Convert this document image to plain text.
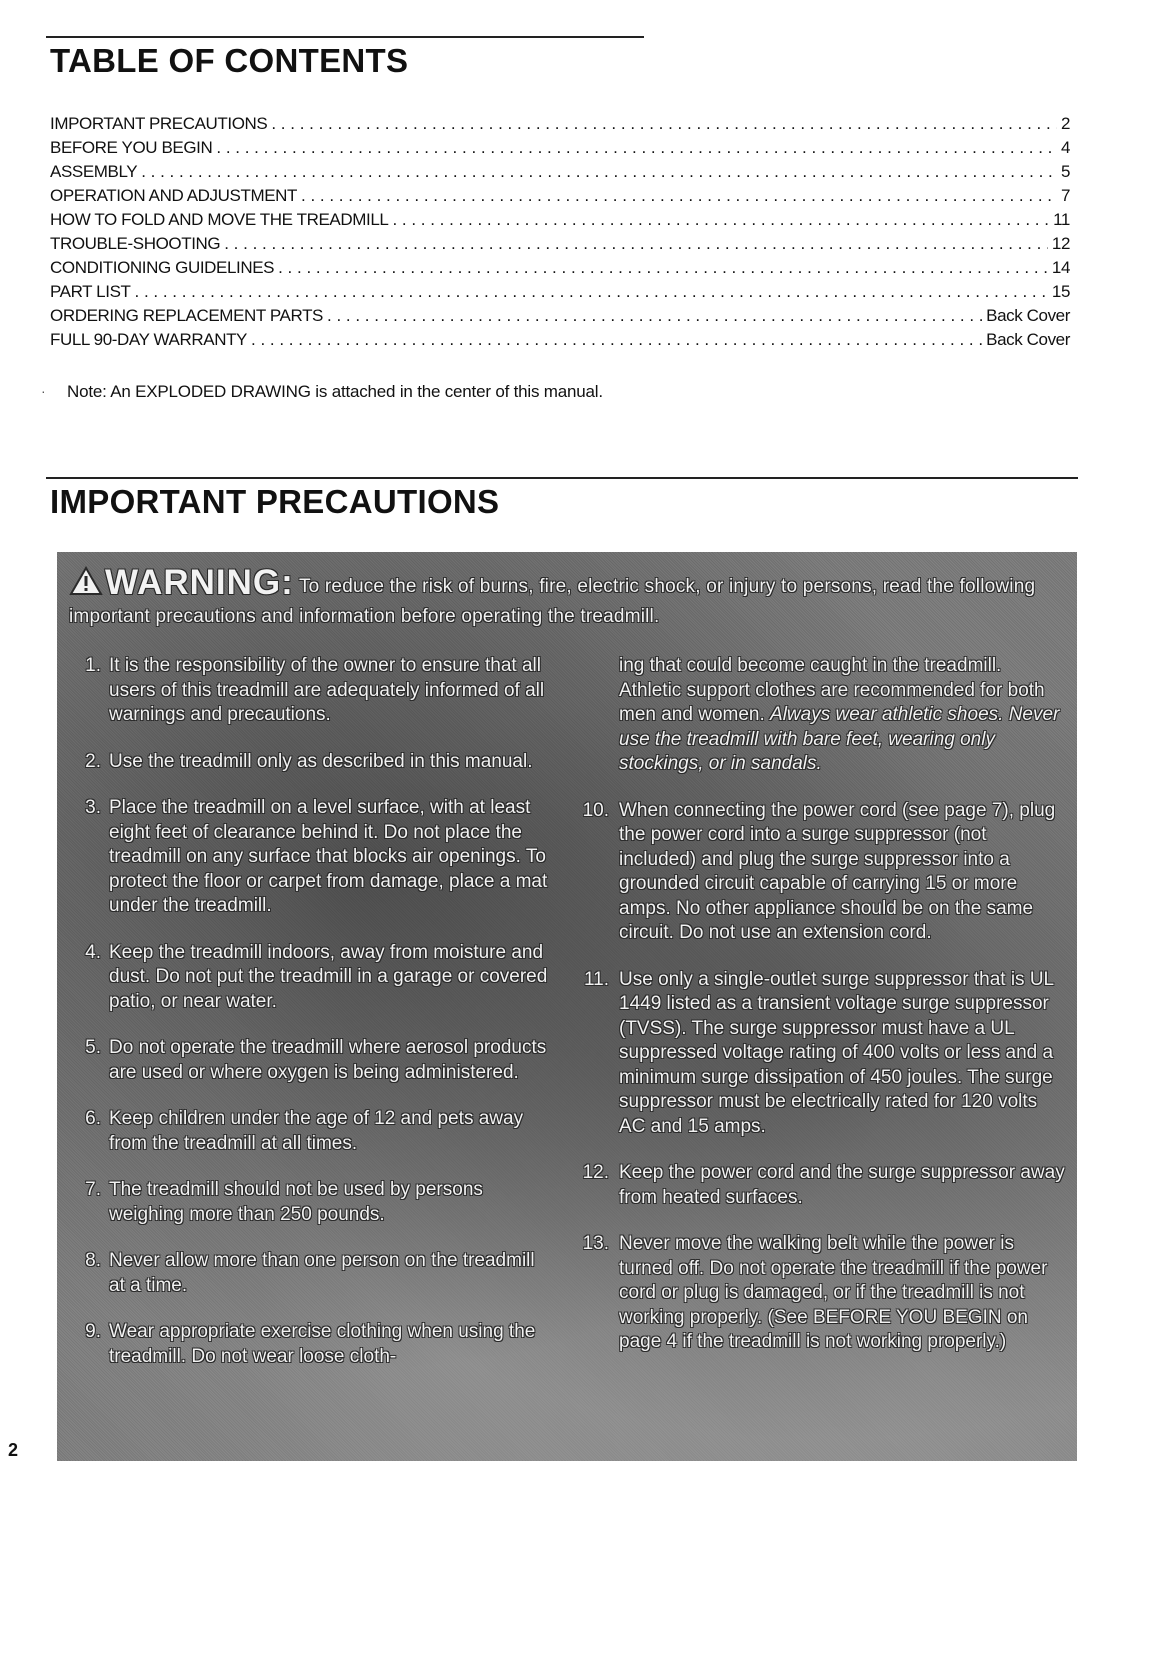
TABLE OF CONTENTS
IMPORTANT PRECAUTIONS . . .	2
BEFORE YOU BEGIN . . .	4
ASSEMBLY . . .	5
OPERATION AND ADJUSTMENT . . .	7
HOW TO FOLD AND MOVE THE TREADMILL . . .	11
TROUBLE-SHOOTING . . .	12
CONDITIONING GUIDELINES . . .	14
PART LIST . . .	15
ORDERING REPLACEMENT PARTS . . .	Back Cover
FULL 90-DAY WARRANTY . . .	Back Cover
· Note: An EXPLODED DRAWING is attached in the center of this manual.
IMPORTANT PRECAUTIONS
WARNING: To reduce the risk of burns, fire, electric shock, or injury to persons, read the following important precautions and information before operating the treadmill.
1. It is the responsibility of the owner to ensure that all users of this treadmill are adequately informed of all warnings and precautions.
2. Use the treadmill only as described in this manual.
3. Place the treadmill on a level surface, with at least eight feet of clearance behind it. Do not place the treadmill on any surface that blocks air openings. To protect the floor or carpet from damage, place a mat under the treadmill.
4. Keep the treadmill indoors, away from moisture and dust. Do not put the treadmill in a garage or covered patio, or near water.
5. Do not operate the treadmill where aerosol products are used or where oxygen is being administered.
6. Keep children under the age of 12 and pets away from the treadmill at all times.
7. The treadmill should not be used by persons weighing more than 250 pounds.
8. Never allow more than one person on the treadmill at a time.
9. Wear appropriate exercise clothing when using the treadmill. Do not wear loose cloth-
ing that could become caught in the treadmill. Athletic support clothes are recommended for both men and women. Always wear athletic shoes. Never use the treadmill with bare feet, wearing only stockings, or in sandals.
10. When connecting the power cord (see page 7), plug the power cord into a surge suppressor (not included) and plug the surge suppressor into a grounded circuit capable of carrying 15 or more amps. No other appliance should be on the same circuit. Do not use an extension cord.
11. Use only a single-outlet surge suppressor that is UL 1449 listed as a transient voltage surge suppressor (TVSS). The surge suppressor must have a UL suppressed voltage rating of 400 volts or less and a minimum surge dissipation of 450 joules. The surge suppressor must be electrically rated for 120 volts AC and 15 amps.
12. Keep the power cord and the surge suppressor away from heated surfaces.
13. Never move the walking belt while the power is turned off. Do not operate the treadmill if the power cord or plug is damaged, or if the treadmill is not working properly. (See BEFORE YOU BEGIN on page 4 if the treadmill is not working properly.)
2
